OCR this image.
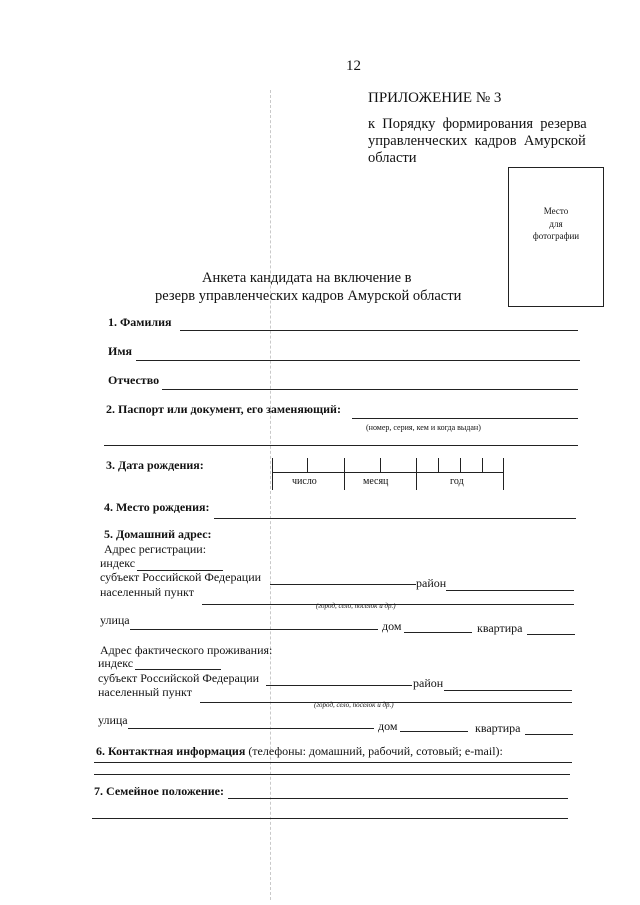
12
ПРИЛОЖЕНИЕ № 3
к  Порядку  формирования  резерва
управленческих  кадров  Амурской
области
Место
для
фотографии
Анкета кандидата на включение в
резерв управленческих кадров Амурской области
1. Фамилия
Имя
Отчество
2. Паспорт или документ, его заменяющий:
(номер, серия, кем и когда выдан)
3. Дата рождения:
число	месяц	год
4. Место рождения:
5. Домашний адрес:
Адрес регистрации:
индекс
субъект Российской Федерации	район
населенный пункт
(город, село, поселок и др.)
улица	дом	квартира
Адрес фактического проживания:
индекс
субъект Российской Федерации	район
населенный пункт
(город, село, поселок и др.)
улица	дом	квартира
6. Контактная информация (телефоны: домашний, рабочий, сотовый; e-mail):
7. Семейное положение:
